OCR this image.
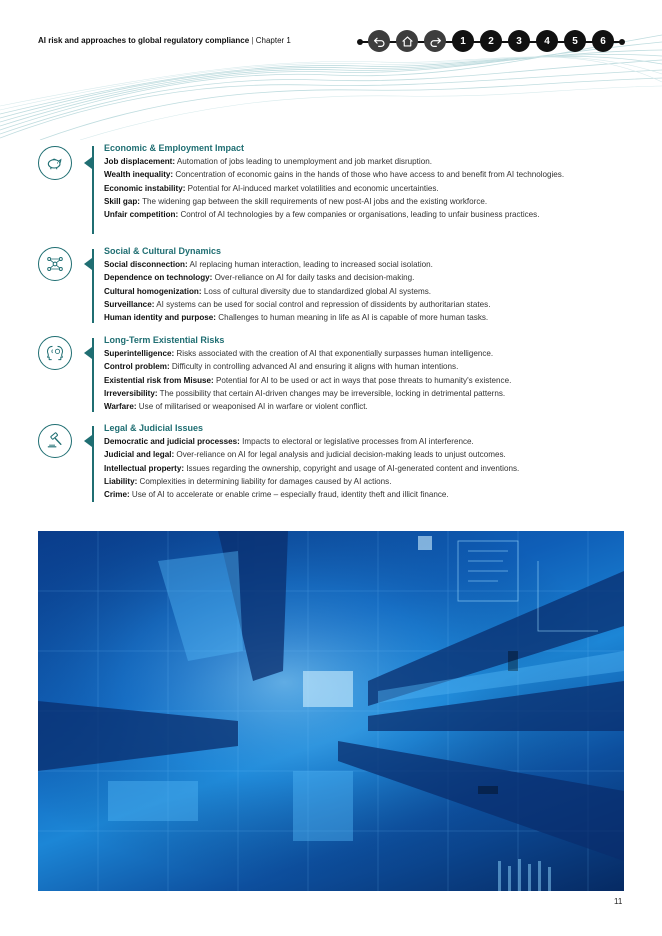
AI risk and approaches to global regulatory compliance | Chapter 1	1	2	3	4	5	6
Economic & Employment Impact

Job displacement: Automation of jobs leading to unemployment and job market disruption.

Wealth inequality: Concentration of economic gains in the hands of those who have access to and benefit from AI technologies.

Economic instability: Potential for AI-induced market volatilities and economic uncertainties.

Skill gap: The widening gap between the skill requirements of new post-AI jobs and the existing workforce.

Unfair competition: Control of AI technologies by a few companies or organisations, leading to unfair business practices.

Social & Cultural Dynamics

Social disconnection: AI replacing human interaction, leading to increased social isolation.

Dependence on technology: Over-reliance on AI for daily tasks and decision-making.

Cultural homogenization: Loss of cultural diversity due to standardized global AI systems.

Surveillance: AI systems can be used for social control and repression of dissidents by authoritarian states.

Human identity and purpose: Challenges to human meaning in life as AI is capable of more human tasks.

Long-Term Existential Risks

Superintelligence: Risks associated with the creation of AI that exponentially surpasses human intelligence.

Control problem: Difficulty in controlling advanced AI and ensuring it aligns with human intentions.

Existential risk from Misuse: Potential for AI to be used or act in ways that pose threats to humanity's existence.

Irreversibility: The possibility that certain AI-driven changes may be irreversible, locking in detrimental patterns.

Warfare: Use of militarised or weaponised AI in warfare or violent conflict.

Legal & Judicial Issues

Democratic and judicial processes: Impacts to electoral or legislative processes from AI interference.

Judicial and legal: Over-reliance on AI for legal analysis and judicial decision-making leads to unjust outcomes.

Intellectual property: Issues regarding the ownership, copyright and usage of AI-generated content and inventions.

Liability: Complexities in determining liability for damages caused by AI actions.

Crime: Use of AI to accelerate or enable crime – especially fraud, identity theft and illicit finance.

11
